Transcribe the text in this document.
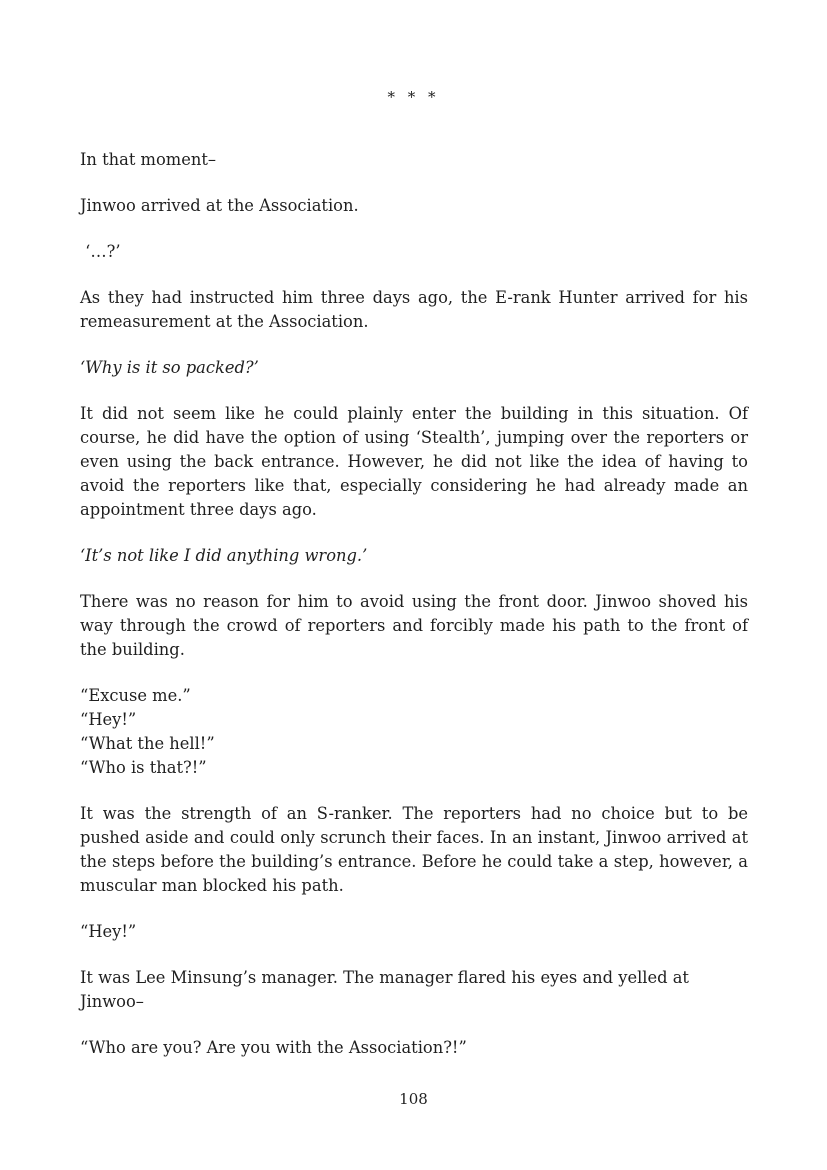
* * *

In that moment–

Jinwoo arrived at the Association.

‘…?’

As they had instructed him three days ago, the E-rank Hunter arrived for his remeasurement at the Association.

‘Why is it so packed?’

It did not seem like he could plainly enter the building in this situation. Of course, he did have the option of using ‘Stealth’, jumping over the reporters or even using the back entrance. However, he did not like the idea of having to avoid the reporters like that, especially considering he had already made an appointment three days ago.

‘It’s not like I did anything wrong.’

There was no reason for him to avoid using the front door. Jinwoo shoved his way through the crowd of reporters and forcibly made his path to the front of the building.

“Excuse me.”
“Hey!”
“What the hell!”
“Who is that?!”

It was the strength of an S-ranker. The reporters had no choice but to be pushed aside and could only scrunch their faces. In an instant, Jinwoo arrived at the steps before the building’s entrance. Before he could take a step, however, a muscular man blocked his path.

“Hey!”

It was Lee Minsung’s manager. The manager flared his eyes and yelled at Jinwoo–

“Who are you? Are you with the Association?!”

108
